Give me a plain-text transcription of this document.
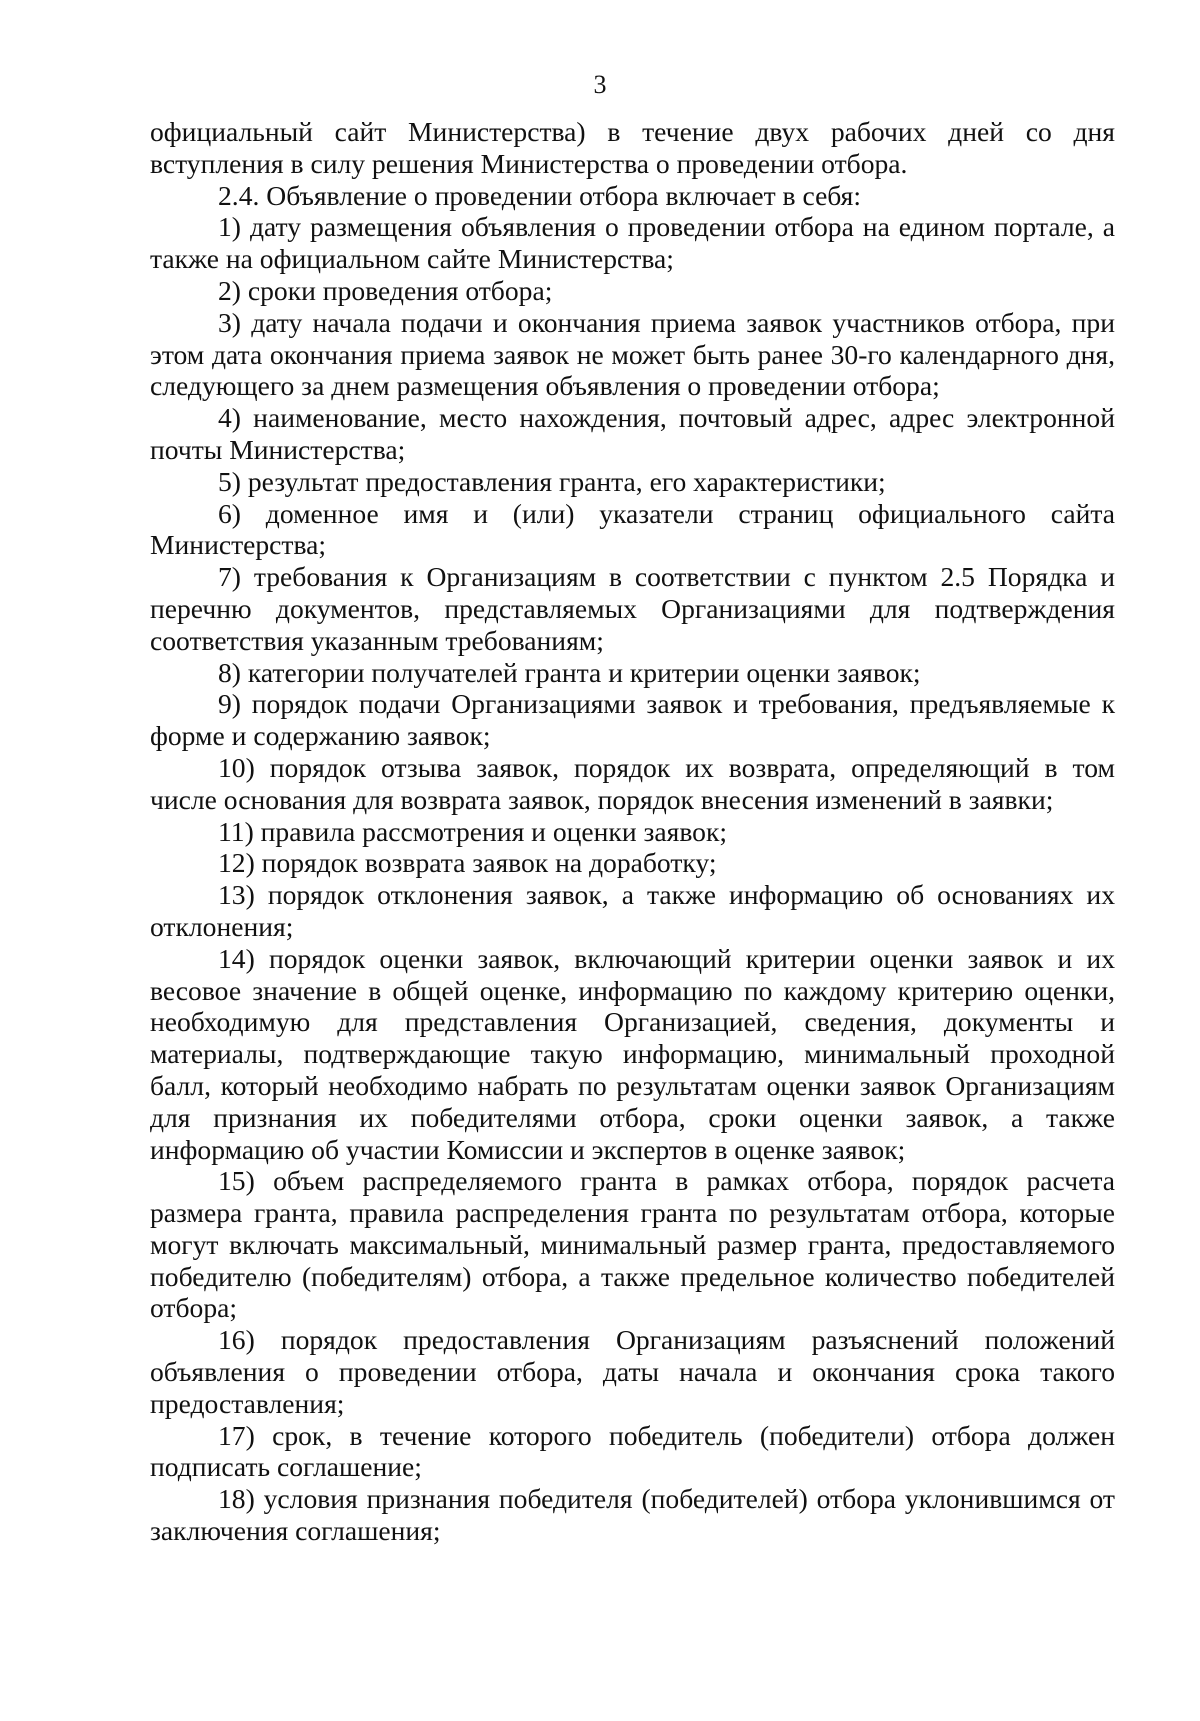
3

официальный сайт Министерства) в течение двух рабочих дней со дня вступления в силу решения Министерства о проведении отбора.

2.4. Объявление о проведении отбора включает в себя:

1) дату размещения объявления о проведении отбора на едином портале, а также на официальном сайте Министерства;

2) сроки проведения отбора;

3) дату начала подачи и окончания приема заявок участников отбора, при этом дата окончания приема заявок не может быть ранее 30-го календарного дня, следующего за днем размещения объявления о проведении отбора;

4) наименование, место нахождения, почтовый адрес, адрес электронной почты Министерства;

5) результат предоставления гранта, его характеристики;

6) доменное имя и (или) указатели страниц официального сайта Министерства;

7) требования к Организациям в соответствии с пунктом 2.5 Порядка и перечню документов, представляемых Организациями для подтверждения соответствия указанным требованиям;

8) категории получателей гранта и критерии оценки заявок;

9) порядок подачи Организациями заявок и требования, предъявляемые к форме и содержанию заявок;

10) порядок отзыва заявок, порядок их возврата, определяющий в том числе основания для возврата заявок, порядок внесения изменений в заявки;

11) правила рассмотрения и оценки заявок;

12) порядок возврата заявок на доработку;

13) порядок отклонения заявок, а также информацию об основаниях их отклонения;

14) порядок оценки заявок, включающий критерии оценки заявок и их весовое значение в общей оценке, информацию по каждому критерию оценки, необходимую для представления Организацией, сведения, документы и материалы, подтверждающие такую информацию, минимальный проходной балл, который необходимо набрать по результатам оценки заявок Организациям для признания их победителями отбора, сроки оценки заявок, а также информацию об участии Комиссии и экспертов в оценке заявок;

15) объем распределяемого гранта в рамках отбора, порядок расчета размера гранта, правила распределения гранта по результатам отбора, которые могут включать максимальный, минимальный размер гранта, предоставляемого победителю (победителям) отбора, а также предельное количество победителей отбора;

16) порядок предоставления Организациям разъяснений положений объявления о проведении отбора, даты начала и окончания срока такого предоставления;

17) срок, в течение которого победитель (победители) отбора должен подписать соглашение;

18) условия признания победителя (победителей) отбора уклонившимся от заключения соглашения;
